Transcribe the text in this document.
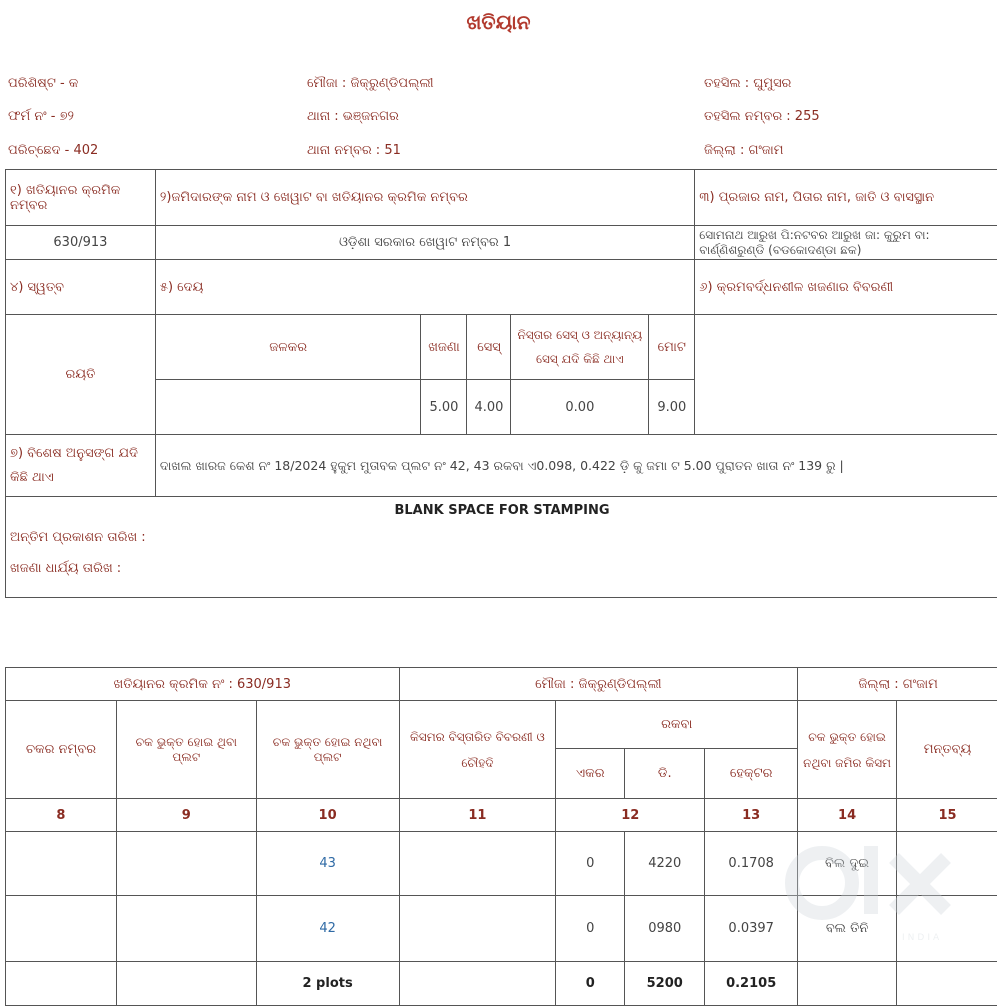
ଖତିୟାନ
ପରିଶିଷ୍ଟ - କ	ମୌଜା : ଜିକ୍ରୁଣ୍ଡିପଲ୍ଲୀ	ତହସିଲ : ଘୁମୁସର
ଫର୍ମ ନଂ - ୭୨	ଥାନା : ଭଞ୍ଜନଗର	ତହସିଲ ନମ୍ବର : 255
ପରିଚ୍ଛେଦ - 402	ଥାନା ନମ୍ବର : 51	ଜିଲ୍ଲା : ଗଂଜାମ
୧) ଖତିୟାନର କ୍ରମିକ ନମ୍ବର	୨)ଜମିଦାରଙ୍କ ନାମ ଓ ଖେୱାଟ ବା ଖତିୟାନର କ୍ରମିକ ନମ୍ବର					୩) ପ୍ରଜାର ନାମ, ପିତାର ନାମ, ଜାତି ଓ ବାସସ୍ଥାନ
630/913	ଓଡ଼ିଶା ସରକାର ଖେୱାଟ ନମ୍ବର 1					ସୋମନାଥ ଆରୁଖ ପି:ନଟବର ଆରୁଖ ଜା: କୁରୁମ ବା: ବାର୍ଣ୍ଣିଶରୁଣ୍ଡି (ବଡକୋଦଣ୍ଡା ଛକ)
୪) ସ୍ୱତ୍ବ	୫) ଦେୟ					୬) କ୍ରମବର୍ଦ୍ଧନଶୀଳ ଖଜଣାର ବିବରଣୀ
ରୟତି	ଜଳକର	ଖଜଣା	ସେସ୍	ନିସ୍ତାର ସେସ୍ ଓ ଅନ୍ୟାନ୍ୟ ସେସ୍ ଯଦି କିଛି ଥାଏ	ମୋଟ	
		5.00	4.00	0.00	9.00	
୭) ବିଶେଷ ଅନୁସଙ୍ଗ ଯଦି କିଛି ଥାଏ	ଦାଖଲ ଖାରଜ କେଶ ନଂ 18/2024 ହୁକୁମ ମୁତାବକ ପ୍ଲଟ ନଂ 42, 43 ରକବା ଏ0.098, 0.422 ଡ଼ି କୁ ଜମା ଟ 5.00 ପୁରାତନ ଖାତା ନଂ 139 ରୁ |					

BLANK SPACE FOR STAMPING
ଅନ୍ତିମ ପ୍ରକାଶନ ତାରିଖ :
ଖଜଣା ଧାର୍ଯ୍ୟ ତାରିଖ :						
ଖତିୟାନର କ୍ରମିକ ନଂ : 630/913			ମୌଜା : ଜିକ୍ରୁଣ୍ଡିପଲ୍ଲୀ				ଜିଲ୍ଲା : ଗଂଜାମ	
ଚକର ନମ୍ବର	ଚକ ଭୁକ୍ତ ହୋଇ ଥିବା ପ୍ଲଟ	ଚକ ଭୁକ୍ତ ହୋଇ ନଥିବା ପ୍ଲଟ	କିସମର ବିସ୍ତାରିତ ବିବରଣୀ ଓ ଚୌହଦି	ରକବା			ଚକ ଭୁକ୍ତ ହୋଇ ନଥିବା ଜମିର କିସମ	ମନ୍ତବ୍ୟ
				ଏକର	ଡି.	ହେକ୍ଟର		
8	9	10	11	12		13	14	15
		43		0	4220	0.1708	ବିଲ ଦୁଇ	
		42		0	0980	0.0397	ବଲ ତିନି	
		2 plots		0	5200	0.2105		
INDIA
